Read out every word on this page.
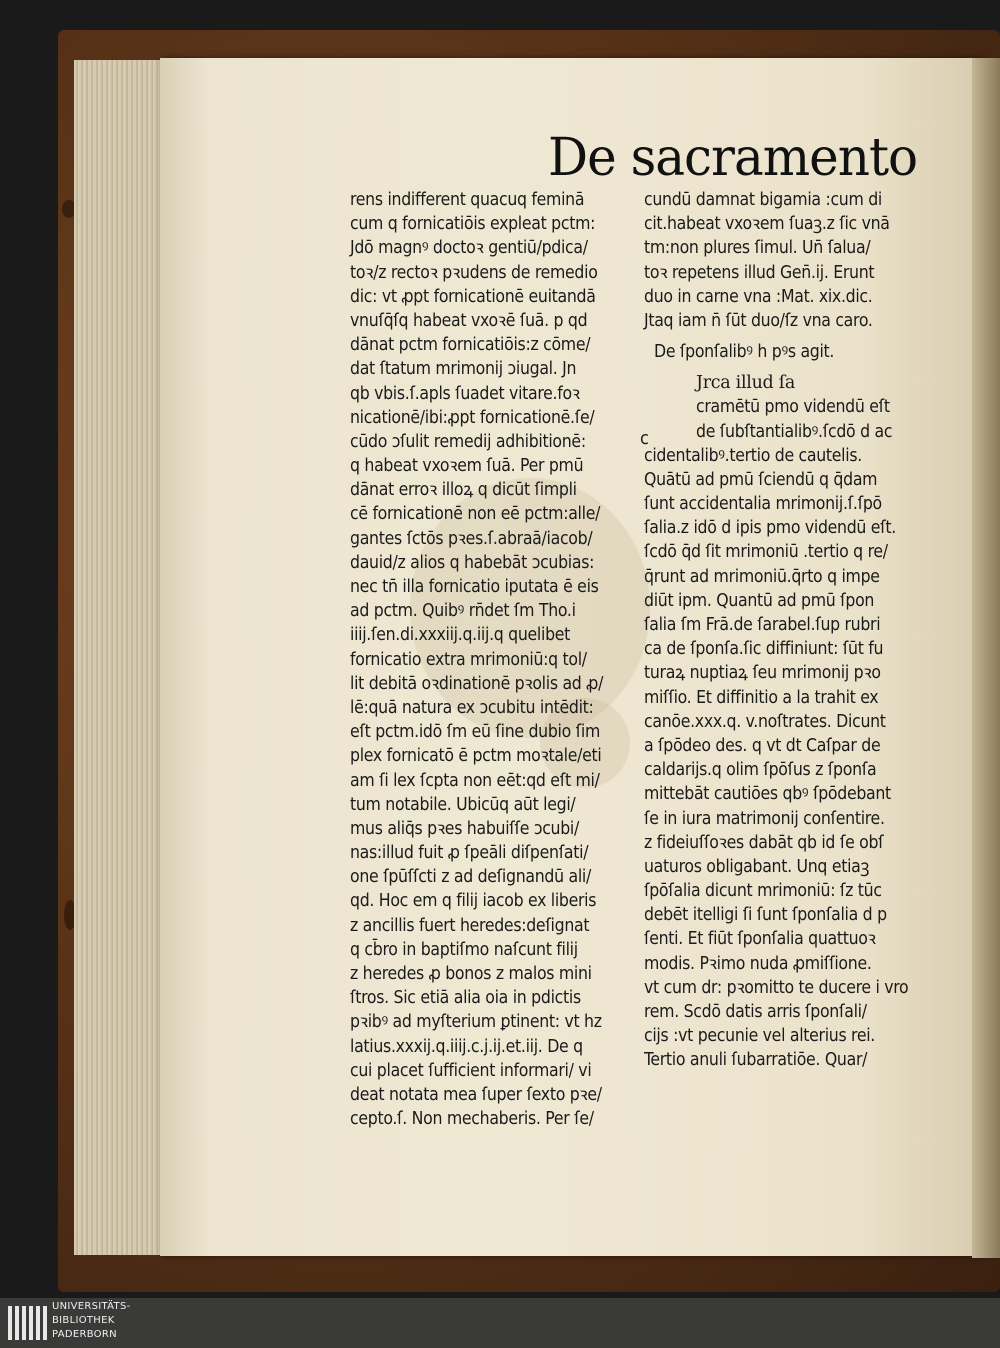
De sacramento
rens indifferent quacuq feminā
cum q fornicatiōis expleat pctm:
Jdō magnꝰ doctoꝛ gentiū/pdica/
toꝛ/z rectoꝛ pꝛudens de remedio
dic: vt ꝓpt fornicationē euitandā
vnuſq̄ſq habeat vxoꝛē ſuā. p qd
dānat pctm fornicatiōis:z cōme/
dat ſtatum mrimonij ɔiugal. Jn
qb vbis.ſ.apls ſuadet vitare.foꝛ
nicationē/ibi:ꝓpt fornicationē.ſe/
cūdo ɔſulit remedij adhibitionē:
q habeat vxoꝛem ſuā. Per pmū
dānat erroꝛ illoꝝ q dicūt ſimpli
cē fornicationē non eē pctm:alle/
gantes ſctōs pꝛes.ſ.abraā/iacob/
dauid/z alios q habebāt ɔcubias:
nec tn̄ illa fornicatio iputata ē eis
ad pctm. Quibꝰ rn̄det ſm Tho.i
iiij.ſen.di.xxxiij.q.iij.q quelibet
fornicatio extra mrimoniū:q tol/
lit debitā oꝛdinationē pꝛolis ad ꝓ/
lē:quā natura ex ɔcubitu intēdit:
eſt pctm.idō ſm eū ſine dubio ſim
plex fornicatō ē pctm moꝛtale/eti
am ſi lex ſcpta non eēt:qd eſt mi/
tum notabile. Ubicūq aūt legi/
mus aliq̄s pꝛes habuiſſe ɔcubi/
nas:illud fuit ꝓ ſpeāli diſpenſati/
one ſpūſſcti z ad deſignandū ali/
qd. Hoc em q filij iacob ex liberis
z ancillis fuert heredes:deſignat
q cb̄ro in baptiſmo naſcunt filij
z heredes ꝓ bonos z malos mini
ſtros. Sic etiā alia oia in pdictis
pꝛibꝰ ad myſterium ꝑtinent: vt hz
latius.xxxij.q.iiij.c.j.ij.et.iij. De q
cui placet ſufficient informari/ vi
deat notata mea ſuper ſexto pꝛe/
cepto.ſ. Non mechaberis. Per ſe/
cundū damnat bigamia :cum di
cit.habeat vxoꝛem ſuaꝫ.z ſic vnā
tm:non plures ſimul. Un̄ ſalua/
toꝛ repetens illud Gen̄.ij. Erunt
duo in carne vna :Mat. xix.dic.
Jtaq iam n̄ ſūt duo/ſz vna caro.
De ſponſalibꝰ h pꝰs agit.
Jrca illud ſa
cramētū pmo videndū eſt
de ſubſtantialibꝰ.ſcdō d ac
cidentalibꝰ.tertio de cautelis.
Quātū ad pmū ſciendū q q̄dam
ſunt accidentalia mrimonij.ſ.ſpō
ſalia.z idō d ipis pmo videndū eſt.
ſcdō q̄d ſit mrimoniū .tertio q re/
q̄runt ad mrimoniū.q̄rto q impe
diūt ipm. Quantū ad pmū ſpon
ſalia ſm Frā.de ſarabel.ſup rubri
ca de ſponſa.ſic diffiniunt: ſūt fu
turaꝝ nuptiaꝝ ſeu mrimonij pꝛo
miſſio. Et diffinitio a la trahit ex
canōe.xxx.q. v.noſtrates. Dicunt
a ſpōdeo des. q vt dt Caſpar de
caldarijs.q olim ſpōſus z ſponſa
mittebāt cautiōes qbꝰ ſpōdebant
ſe in iura matrimonij conſentire.
z fideiuſſoꝛes dabāt qb id ſe obſ
uaturos obligabant. Unq etiaꝫ
ſpōſalia dicunt mrimoniū: ſz tūc
debēt itelligi ſi ſunt ſponſalia d p
ſenti. Et fiūt ſponſalia quattuoꝛ
modis. Pꝛimo nuda ꝓmiſſione.
vt cum dr: pꝛomitto te ducere i vro
rem. Scdō datis arris ſponſali/
cijs :vt pecunie vel alterius rei.
Tertio anuli ſubarratiōe. Quar/
c
UNIVERSITÄTS-
BIBLIOTHEK
PADERBORN
